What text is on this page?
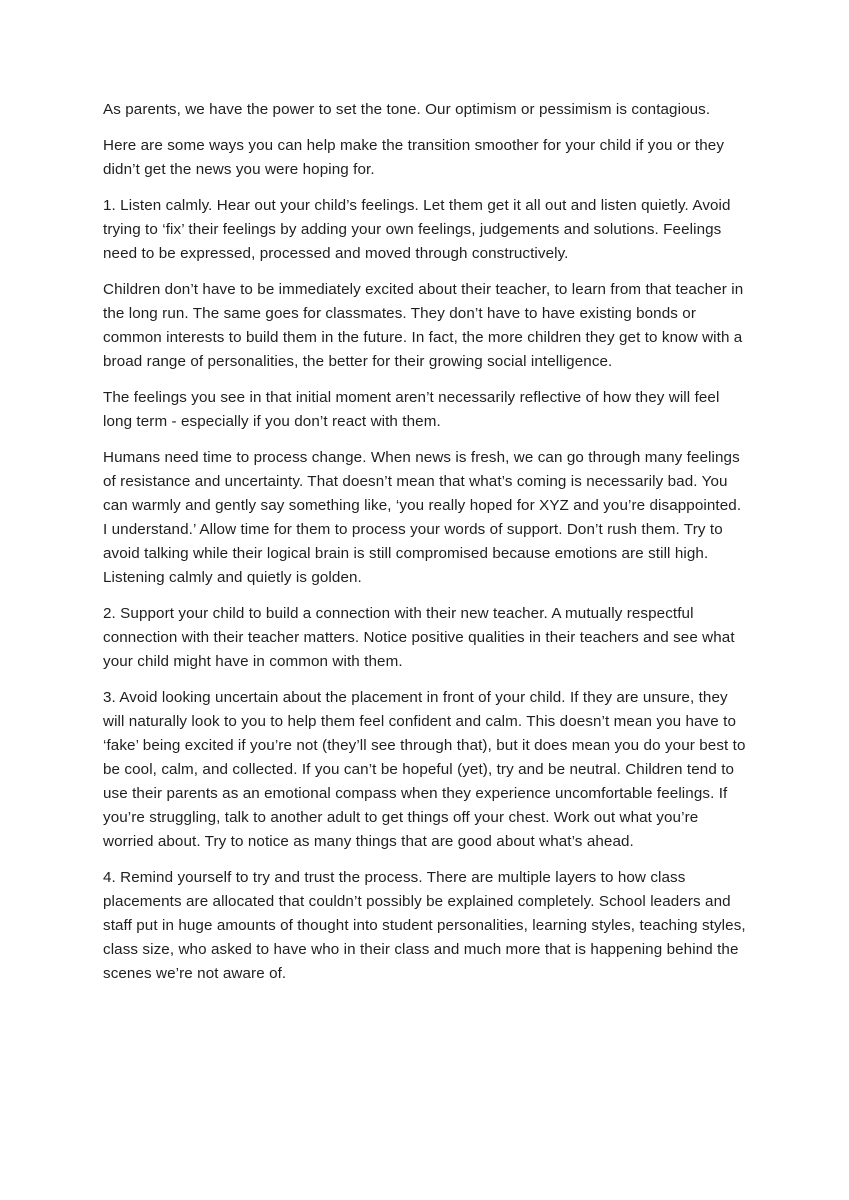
As parents, we have the power to set the tone. Our optimism or pessimism is contagious.

Here are some ways you can help make the transition smoother for your child if you or they didn’t get the news you were hoping for.

1. Listen calmly. Hear out your child’s feelings. Let them get it all out and listen quietly. Avoid trying to ‘fix’ their feelings by adding your own feelings, judgements and solutions. Feelings need to be expressed, processed and moved through constructively.

Children don’t have to be immediately excited about their teacher, to learn from that teacher in the long run. The same goes for classmates. They don’t have to have existing bonds or common interests to build them in the future. In fact, the more children they get to know with a broad range of personalities, the better for their growing social intelligence.

The feelings you see in that initial moment aren’t necessarily reflective of how they will feel long term - especially if you don’t react with them.

Humans need time to process change. When news is fresh, we can go through many feelings of resistance and uncertainty. That doesn’t mean that what’s coming is necessarily bad. You can warmly and gently say something like, ‘you really hoped for XYZ and you’re disappointed. I understand.’ Allow time for them to process your words of support. Don’t rush them. Try to avoid talking while their logical brain is still compromised because emotions are still high. Listening calmly and quietly is golden.

2. Support your child to build a connection with their new teacher. A mutually respectful connection with their teacher matters. Notice positive qualities in their teachers and see what your child might have in common with them.

3. Avoid looking uncertain about the placement in front of your child. If they are unsure, they will naturally look to you to help them feel confident and calm. This doesn’t mean you have to ‘fake’ being excited if you’re not (they’ll see through that), but it does mean you do your best to be cool, calm, and collected. If you can’t be hopeful (yet), try and be neutral. Children tend to use their parents as an emotional compass when they experience uncomfortable feelings. If you’re struggling, talk to another adult to get things off your chest. Work out what you’re worried about. Try to notice as many things that are good about what’s ahead.

4. Remind yourself to try and trust the process. There are multiple layers to how class placements are allocated that couldn’t possibly be explained completely. School leaders and staff put in huge amounts of thought into student personalities, learning styles, teaching styles, class size, who asked to have who in their class and much more that is happening behind the scenes we’re not aware of.
